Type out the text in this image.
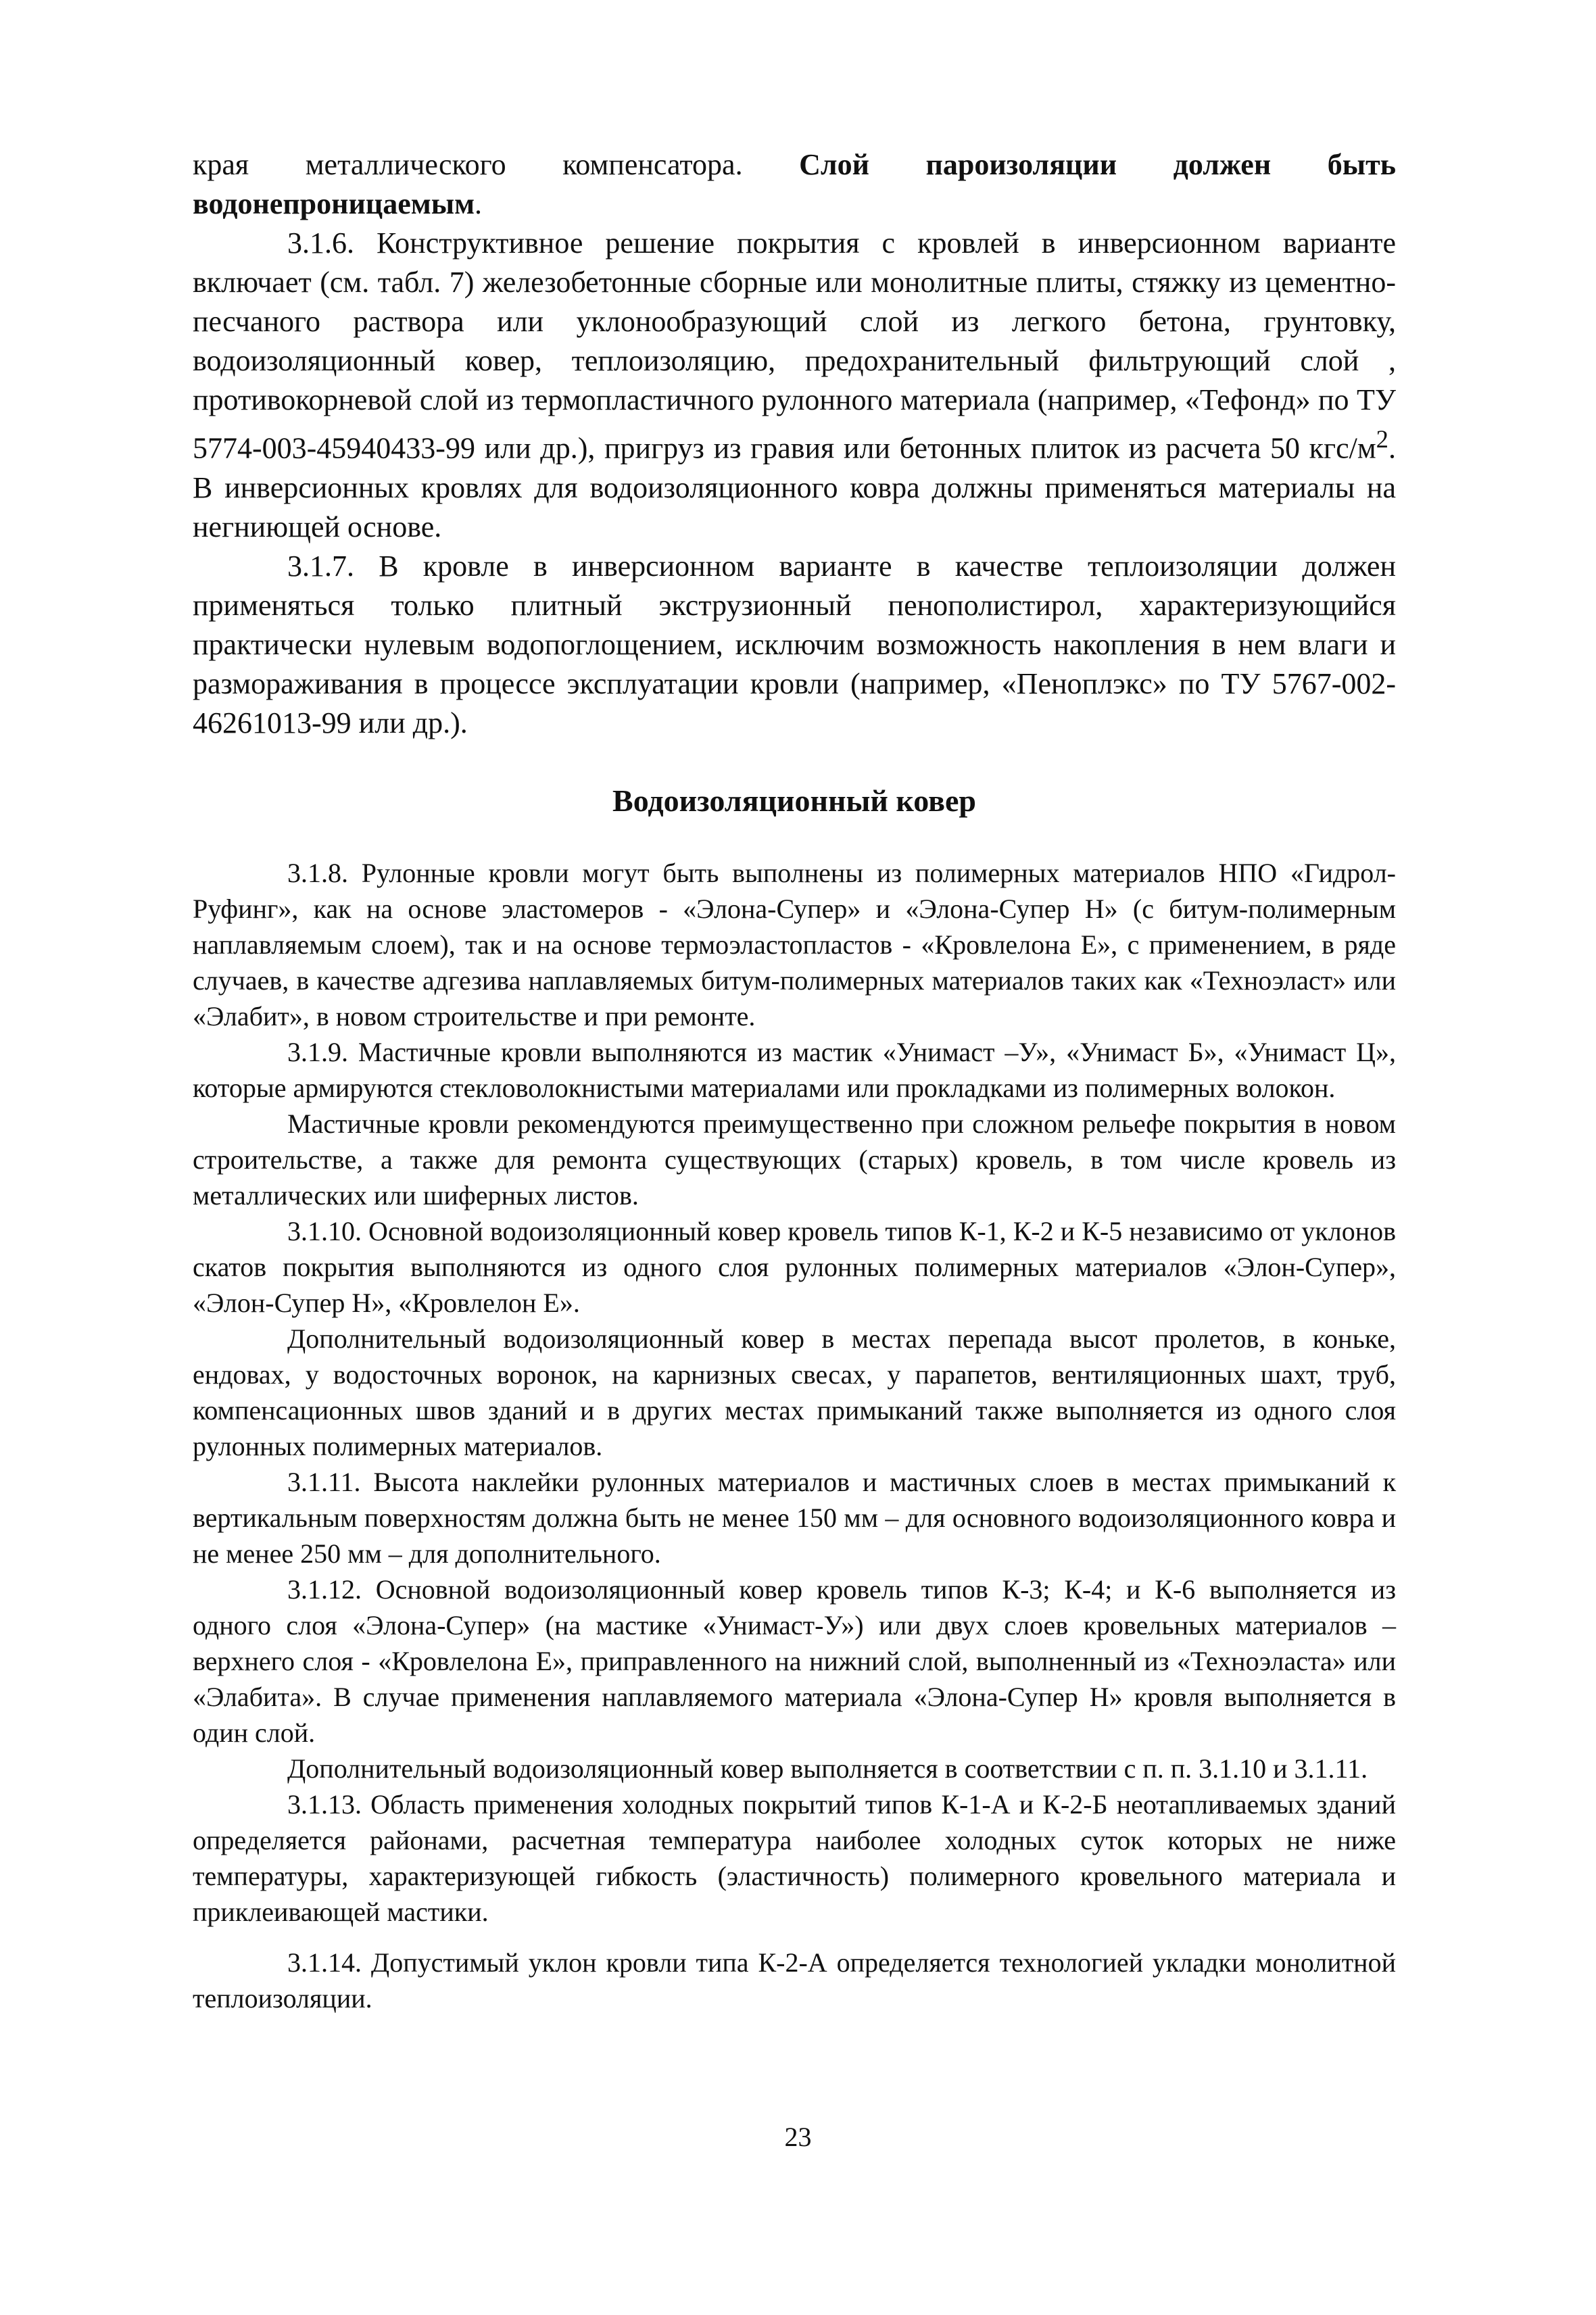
края металлического компенсатора. Слой пароизоляции должен быть водонепроницаемым.

3.1.6. Конструктивное решение покрытия с кровлей в инверсионном варианте включает (см. табл. 7) железобетонные сборные или монолитные плиты, стяжку из цементно-песчаного раствора или уклонообразующий слой из легкого бетона, грунтовку, водоизоляционный ковер, теплоизоляцию, предохранительный фильтрующий слой , противокорневой слой из термопластичного рулонного материала (например, «Тефонд» по ТУ 5774-003-45940433-99 или др.), пригруз из гравия или бетонных плиток из расчета 50 кгс/$м^2$. В инверсионных кровлях для водоизоляционного ковра должны применяться материалы на негниющей основе.

3.1.7. В кровле в инверсионном варианте в качестве теплоизоляции должен применяться только плитный экструзионный пенополистирол, характеризующийся практически нулевым водопоглощением, исключим возможность накопления в нем влаги и размораживания в процессе эксплуатации кровли (например, «Пеноплэкс» по ТУ 5767-002-46261013-99 или др.).

Водоизоляционный ковер

3.1.8. Рулонные кровли могут быть выполнены из полимерных материалов НПО «Гидрол-Руфинг», как на основе эластомеров - «Элона-Супер» и «Элона-Супер Н» (с битум-полимерным наплавляемым слоем), так и на основе термоэластопластов - «Кровлелона Е», с применением, в ряде случаев, в качестве адгезива наплавляемых битум-полимерных материалов таких как «Техноэласт» или «Элабит», в новом строительстве и при ремонте.

3.1.9. Мастичные кровли выполняются из мастик «Унимаст –У», «Унимаст Б», «Унимаст Ц», которые армируются стекловолокнистыми материалами или прокладками из полимерных волокон.

Мастичные кровли рекомендуются преимущественно при сложном рельефе покрытия в новом строительстве, а также для ремонта существующих (старых) кровель, в том числе кровель из металлических или шиферных листов.

3.1.10. Основной водоизоляционный ковер кровель типов К-1, К-2 и К-5 независимо от уклонов скатов покрытия выполняются из одного слоя рулонных полимерных материалов «Элон-Супер», «Элон-Супер Н», «Кровлелон Е».

Дополнительный водоизоляционный ковер в местах перепада высот пролетов, в коньке, ендовах, у водосточных воронок, на карнизных свесах, у парапетов, вентиляционных шахт, труб, компенсационных швов зданий и в других местах примыканий также выполняется из одного слоя рулонных полимерных материалов.

3.1.11. Высота наклейки рулонных материалов и мастичных слоев в местах примыканий к вертикальным поверхностям должна быть не менее 150 мм – для основного водоизоляционного ковра и не менее 250 мм – для дополнительного.

3.1.12. Основной водоизоляционный ковер кровель типов К-3; К-4; и К-6 выполняется из одного слоя «Элона-Супер» (на мастике «Унимаст-У») или двух слоев кровельных материалов – верхнего слоя - «Кровлелона Е», приправленного на нижний слой, выполненный из «Техноэласта» или «Элабита». В случае применения наплавляемого материала «Элона-Супер Н» кровля выполняется в один слой.

Дополнительный водоизоляционный ковер выполняется в соответствии с п. п. 3.1.10 и 3.1.11.

3.1.13. Область применения холодных покрытий типов К-1-А и К-2-Б неотапливаемых зданий определяется районами, расчетная температура наиболее холодных суток которых не ниже температуры, характеризующей гибкость (эластичность) полимерного кровельного материала и приклеивающей мастики.

3.1.14. Допустимый уклон кровли типа К-2-А определяется технологией укладки монолитной теплоизоляции.

23
